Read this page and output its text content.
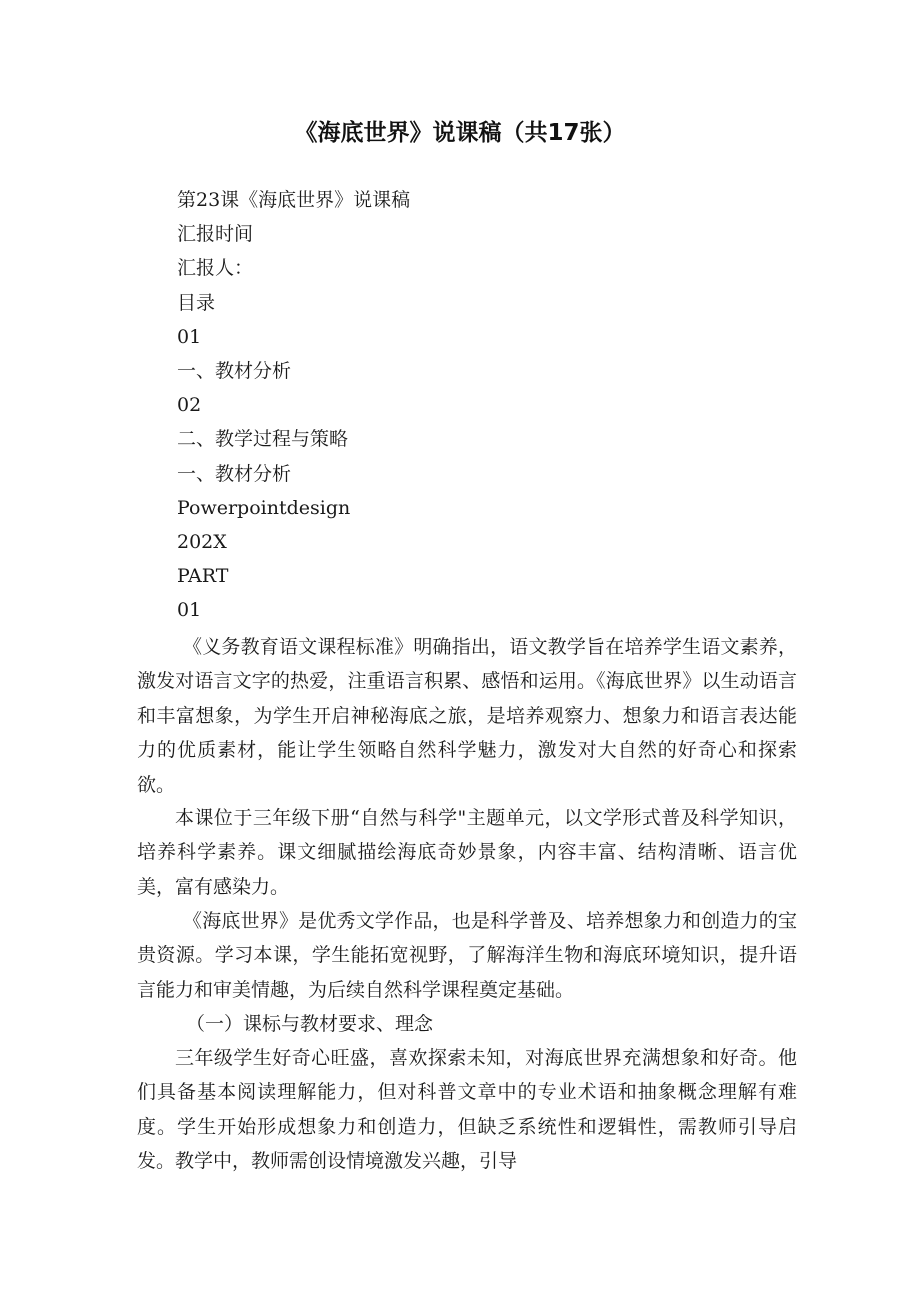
《海底世界》说课稿（共17张）
第23课《海底世界》说课稿
汇报时间
汇报人：
目录
01
一、教材分析
02
二、教学过程与策略
一、教材分析
Powerpointdesign
202X
PART
01

《义务教育语文课程标准》明确指出，语文教学旨在培养学生语文素养，激发对语言文字的热爱，注重语言积累、感悟和运用。《海底世界》以生动语言和丰富想象，为学生开启神秘海底之旅，是培养观察力、想象力和语言表达能力的优质素材，能让学生领略自然科学魅力，激发对大自然的好奇心和探索欲。

本课位于三年级下册“自然与科学"主题单元，以文学形式普及科学知识，培养科学素养。课文细腻描绘海底奇妙景象，内容丰富、结构清晰、语言优美，富有感染力。

《海底世界》是优秀文学作品，也是科学普及、培养想象力和创造力的宝贵资源。学习本课，学生能拓宽视野，了解海洋生物和海底环境知识，提升语言能力和审美情趣，为后续自然科学课程奠定基础。

（一）课标与教材要求、理念

三年级学生好奇心旺盛，喜欢探索未知，对海底世界充满想象和好奇。他们具备基本阅读理解能力，但对科普文章中的专业术语和抽象概念理解有难度。学生开始形成想象力和创造力，但缺乏系统性和逻辑性，需教师引导启发。教学中，教师需创设情境激发兴趣，引导
